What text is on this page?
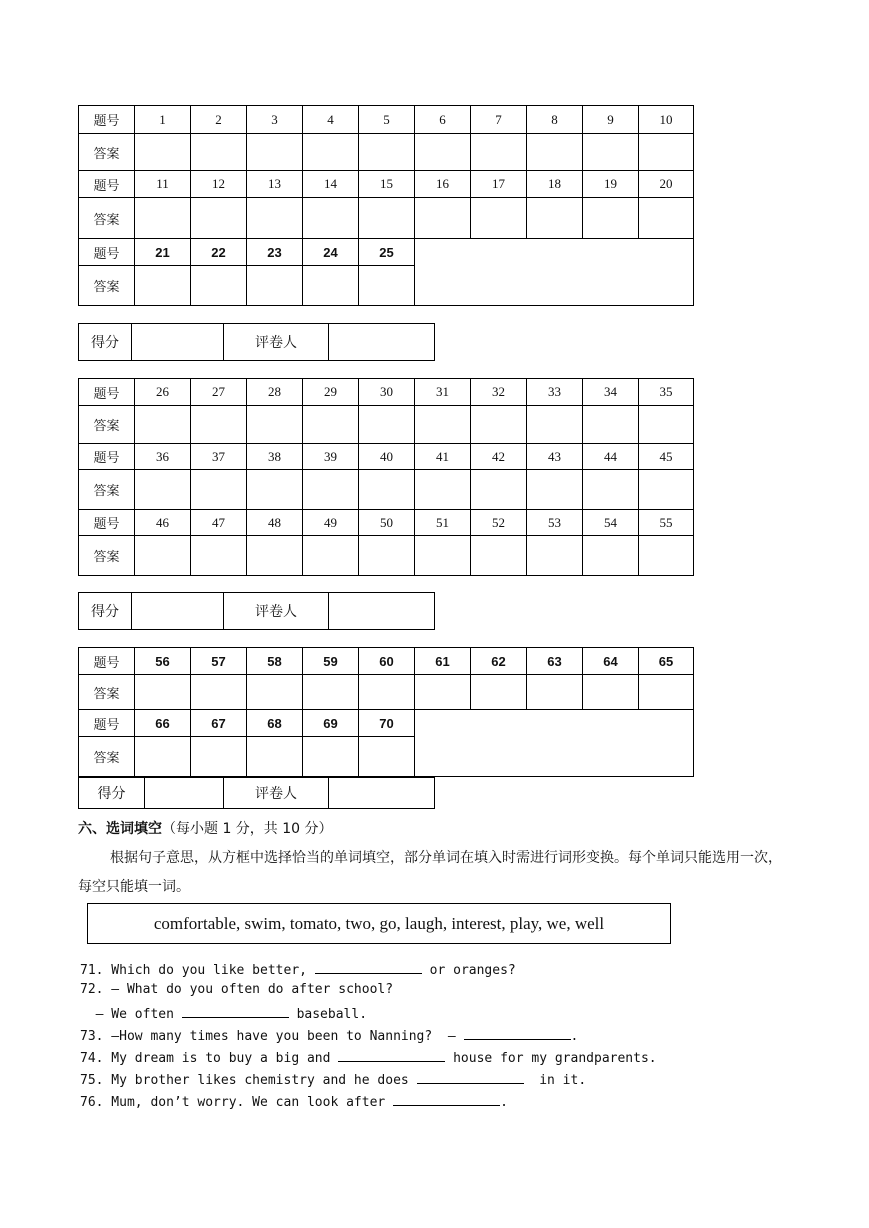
题号	1	2	3	4	5	6	7	8	9	10
答案										
题号	11	12	13	14	15	16	17	18	19	20
答案										
题号	21	22	23	24	25					
答案										
得分		评卷人	
题号	26	27	28	29	30	31	32	33	34	35
答案										
题号	36	37	38	39	40	41	42	43	44	45
答案										
题号	46	47	48	49	50	51	52	53	54	55
答案										
得分		评卷人	
题号	56	57	58	59	60	61	62	63	64	65
答案										
题号	66	67	68	69	70					
答案										
得分		评卷人	
六、选词填空（每小题 1 分，共 10 分）
根据句子意思，从方框中选择恰当的单词填空，部分单词在填入时需进行词形变换。每个单词只能选用一次，每空只能填一词。
comfortable, swim, tomato, two, go, laugh, interest, play, we, well
71. Which do you like better,	or oranges?
72. — What do you often do after school?
— We often	baseball.
73. —How many times have you been to Nanning?  —	.
74. My dream is to buy a big and	house for my grandparents.
75. My brother likes chemistry and he does	in it.
76. Mum, don’t worry. We can look after	.
